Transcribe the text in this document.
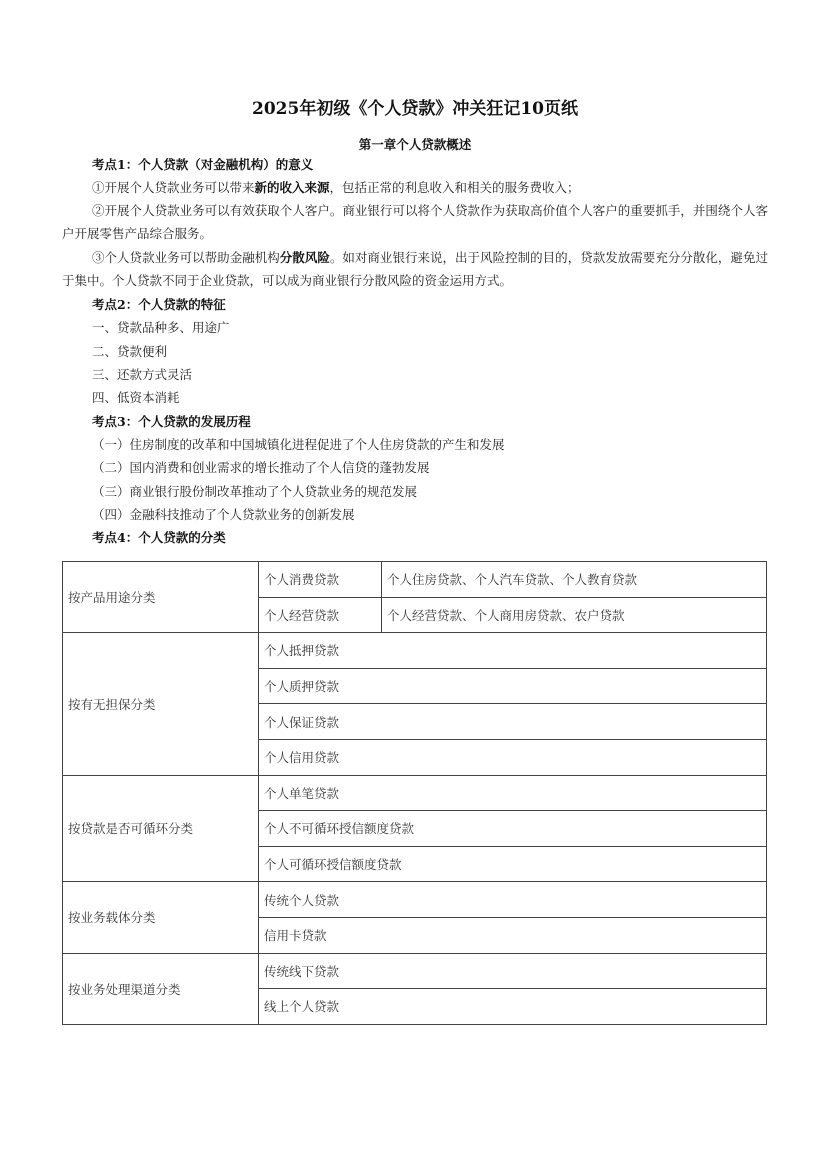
2025年初级《个人贷款》冲关狂记10页纸
第一章个人贷款概述
考点1：个人贷款（对金融机构）的意义
①开展个人贷款业务可以带来新的收入来源，包括正常的利息收入和相关的服务费收入；
②开展个人贷款业务可以有效获取个人客户。商业银行可以将个人贷款作为获取高价值个人客户的重要抓手，并围绕个人客户开展零售产品综合服务。
③个人贷款业务可以帮助金融机构分散风险。如对商业银行来说，出于风险控制的目的，贷款发放需要充分分散化，避免过于集中。个人贷款不同于企业贷款，可以成为商业银行分散风险的资金运用方式。
考点2：个人贷款的特征
一、贷款品种多、用途广
二、贷款便利
三、还款方式灵活
四、低资本消耗
考点3：个人贷款的发展历程
（一）住房制度的改革和中国城镇化进程促进了个人住房贷款的产生和发展
（二）国内消费和创业需求的增长推动了个人信贷的蓬勃发展
（三）商业银行股份制改革推动了个人贷款业务的规范发展
（四）金融科技推动了个人贷款业务的创新发展
考点4：个人贷款的分类
按产品用途分类	个人消费贷款	个人住房贷款、个人汽车贷款、个人教育贷款
	个人经营贷款	个人经营贷款、个人商用房贷款、农户贷款
按有无担保分类	个人抵押贷款	
	个人质押贷款	
	个人保证贷款	
	个人信用贷款	
按贷款是否可循环分类	个人单笔贷款	
	个人不可循环授信额度贷款	
	个人可循环授信额度贷款	
按业务载体分类	传统个人贷款	
	信用卡贷款	
按业务处理渠道分类	传统线下贷款	
	线上个人贷款	
